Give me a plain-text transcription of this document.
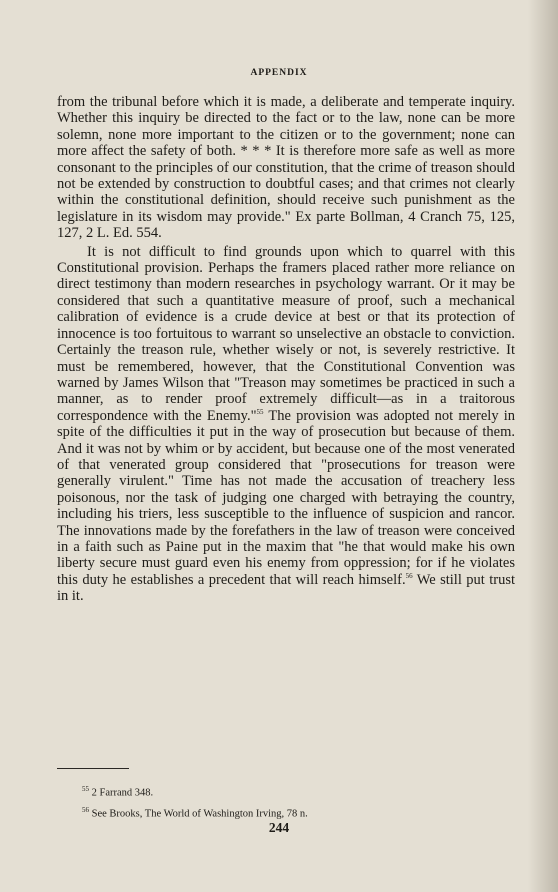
APPENDIX

from the tribunal before which it is made, a deliberate and temperate inquiry. Whether this inquiry be directed to the fact or to the law, none can be more solemn, none more important to the citizen or to the government; none can more affect the safety of both. * * * It is therefore more safe as well as more consonant to the principles of our constitution, that the crime of treason should not be extended by construction to doubtful cases; and that crimes not clearly within the constitutional definition, should receive such punishment as the legislature in its wisdom may provide." Ex parte Bollman, 4 Cranch 75, 125, 127, 2 L. Ed. 554.

It is not difficult to find grounds upon which to quarrel with this Constitutional provision. Perhaps the framers placed rather more reliance on direct testimony than modern researches in psychology warrant. Or it may be considered that such a quantitative measure of proof, such a mechanical calibration of evidence is a crude device at best or that its protection of innocence is too fortuitous to warrant so unselective an obstacle to conviction. Certainly the treason rule, whether wisely or not, is severely restrictive. It must be remembered, however, that the Constitutional Convention was warned by James Wilson that "Treason may sometimes be practiced in such a manner, as to render proof extremely difficult—as in a traitorous correspondence with the Enemy."$^{55}$ The provision was adopted not merely in spite of the difficulties it put in the way of prosecution but because of them. And it was not by whim or by accident, but because one of the most venerated of that venerated group considered that "prosecutions for treason were generally virulent." Time has not made the accusation of treachery less poisonous, nor the task of judging one charged with betraying the country, including his triers, less susceptible to the influence of suspicion and rancor. The innovations made by the forefathers in the law of treason were conceived in a faith such as Paine put in the maxim that "he that would make his own liberty secure must guard even his enemy from oppression; for if he violates this duty he establishes a precedent that will reach himself.$^{56}$ We still put trust in it.

$^{55}$ 2 Farrand 348.
$^{56}$ See Brooks, The World of Washington Irving, 78 n.
244
